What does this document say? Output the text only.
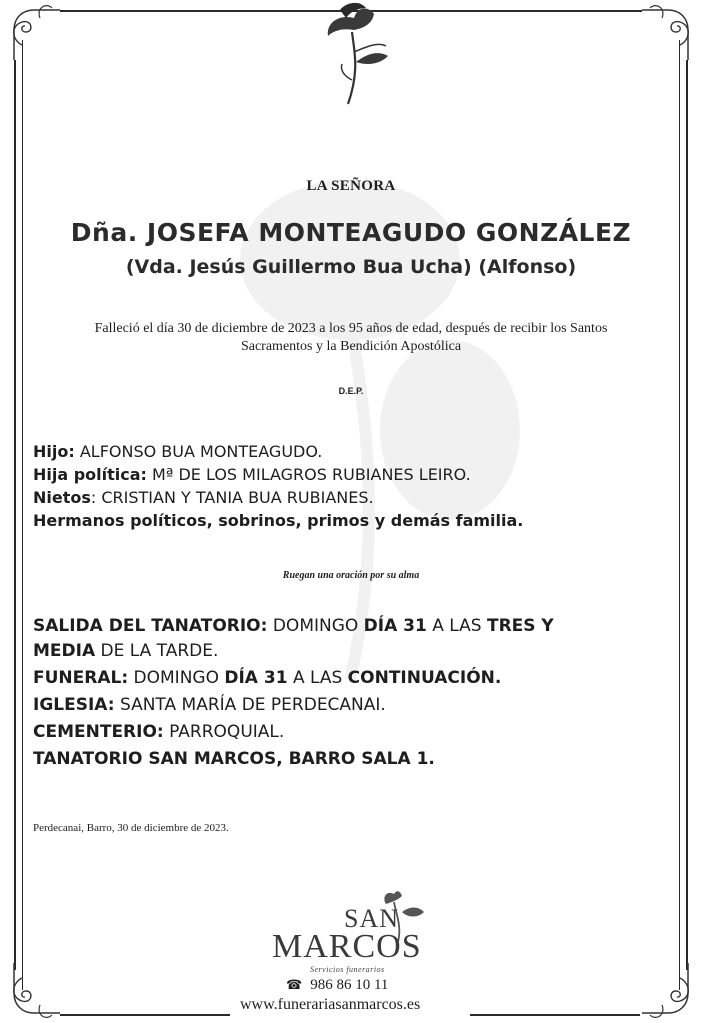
LA SEÑORA
Dña. JOSEFA MONTEAGUDO GONZÁLEZ
(Vda. Jesús Guillermo Bua Ucha) (Alfonso)
Falleció el día 30 de diciembre de 2023 a los 95 años de edad, después de recibir los Santos
Sacramentos y la Bendición Apostólica
D.E.P.
Hijo: ALFONSO BUA MONTEAGUDO.
Hija política: Mª DE LOS MILAGROS RUBIANES LEIRO.
Nietos: CRISTIAN Y TANIA BUA RUBIANES.
Hermanos políticos, sobrinos, primos y demás familia.
Ruegan una oración por su alma
SALIDA DEL TANATORIO: DOMINGO DÍA 31 A LAS TRES Y
MEDIA DE LA TARDE.
FUNERAL: DOMINGO DÍA 31 A LAS CONTINUACIÓN.
IGLESIA: SANTA MARÍA DE PERDECANAI.
CEMENTERIO: PARROQUIAL.
TANATORIO SAN MARCOS, BARRO SALA 1.
Perdecanai, Barro, 30 de diciembre de 2023.
SAN
MARCOS
Servicios funerarios
☎ 986 86 10 11
www.funerariasanmarcos.es
